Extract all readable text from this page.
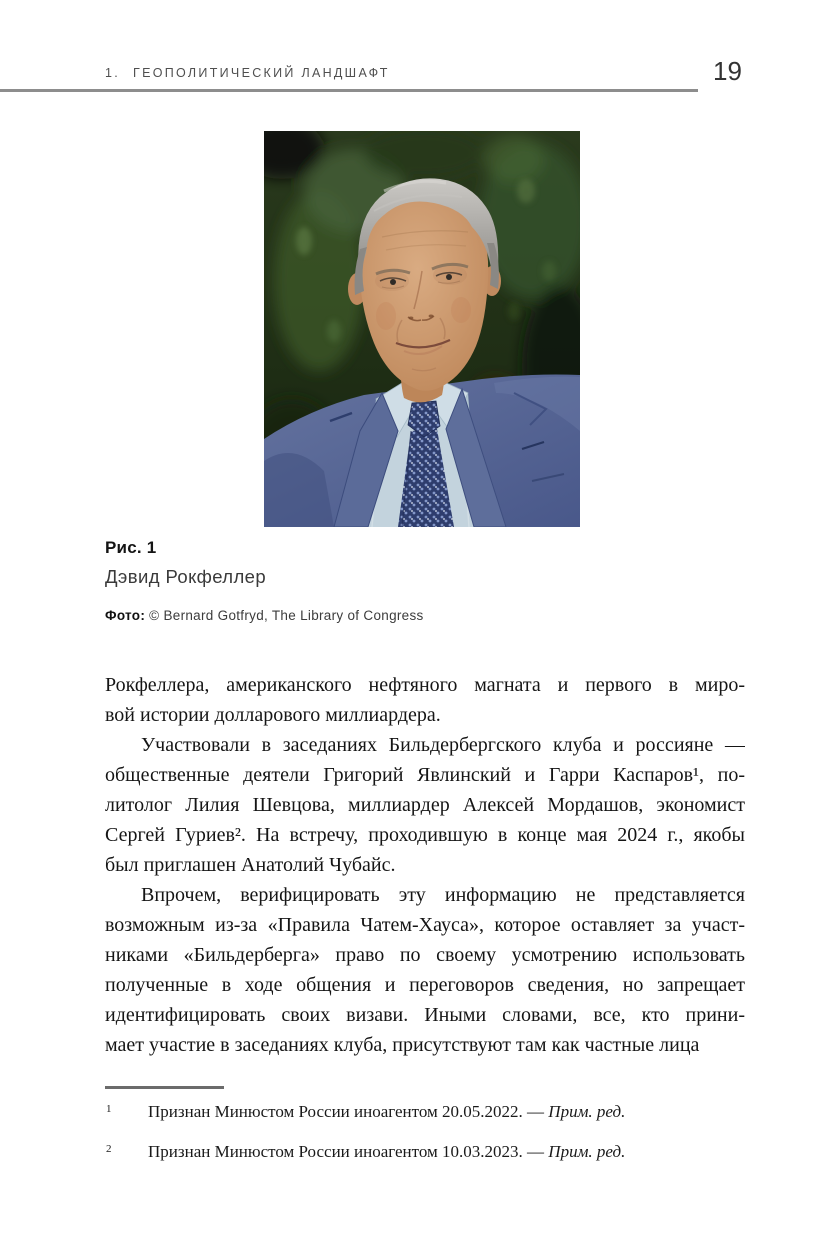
1. ГЕОПОЛИТИЧЕСКИЙ ЛАНДШАФТ	19
Рис. 1
Дэвид Рокфеллер
Фото: © Bernard Gotfryd, The Library of Congress
Рокфеллера, американского нефтяного магната и первого в миро-
вой истории долларового миллиардера.
Участвовали в заседаниях Бильдербергского клуба и россияне —
общественные деятели Григорий Явлинский и Гарри Каспаров¹, по-
литолог Лилия Шевцова, миллиардер Алексей Мордашов, экономист
Сергей Гуриев². На встречу, проходившую в конце мая 2024 г., якобы
был приглашен Анатолий Чубайс.
Впрочем, верифицировать эту информацию не представляется
возможным из-за «Правила Чатем-Хауса», которое оставляет за участ-
никами «Бильдерберга» право по своему усмотрению использовать
полученные в ходе общения и переговоров сведения, но запрещает
идентифицировать своих визави. Иными словами, все, кто прини-
мает участие в заседаниях клуба, присутствуют там как частные лица
1 Признан Минюстом России иноагентом 20.05.2022. — Прим. ред.
2 Признан Минюстом России иноагентом 10.03.2023. — Прим. ред.
